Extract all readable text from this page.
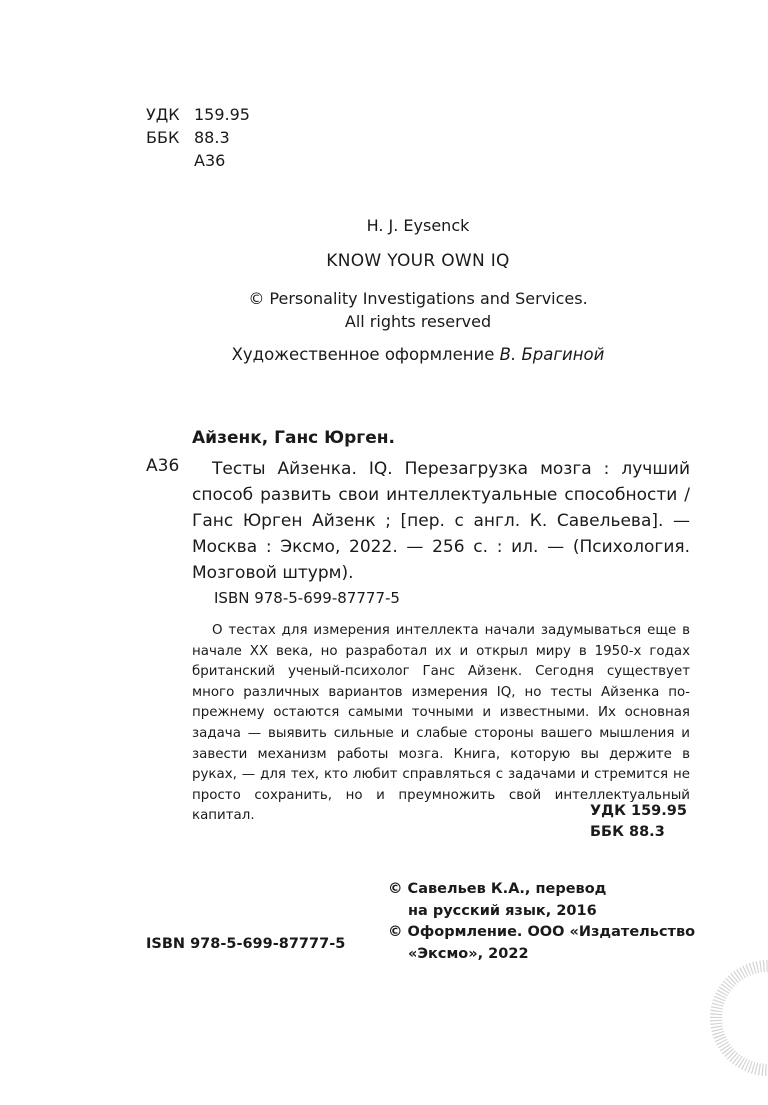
УДК 159.95
ББК 88.3
А36
H. J. Eysenck
KNOW YOUR OWN IQ
© Personality Investigations and Services.
All rights reserved
Художественное оформление В. Брагиной
Айзенк, Ганс Юрген.
А36	Тесты Айзенка. IQ. Перезагрузка мозга : лучший способ развить свои интеллектуальные способности / Ганс Юрген Айзенк ; [пер. с англ. К. Савельева]. — Москва : Эксмо, 2022. — 256 с. : ил. — (Психология. Мозговой штурм).
ISBN 978-5-699-87777-5
О тестах для измерения интеллекта начали задумываться еще в начале XX века, но разработал их и открыл миру в 1950-х годах британский ученый-психолог Ганс Айзенк. Сегодня существует много различных вариантов измерения IQ, но тесты Айзенка по-прежнему остаются самыми точными и известными. Их основная задача — выявить сильные и слабые стороны вашего мышления и завести механизм работы мозга. Книга, которую вы держите в руках, — для тех, кто любит справляться с задачами и стремится не просто сохранить, но и преумножить свой интеллектуальный капитал.	УДК 159.95
ББК 88.3
ISBN 978-5-699-87777-5
© Савельев К.А., перевод
на русский язык, 2016
© Оформление. ООО «Издательство
«Эксмо», 2022
